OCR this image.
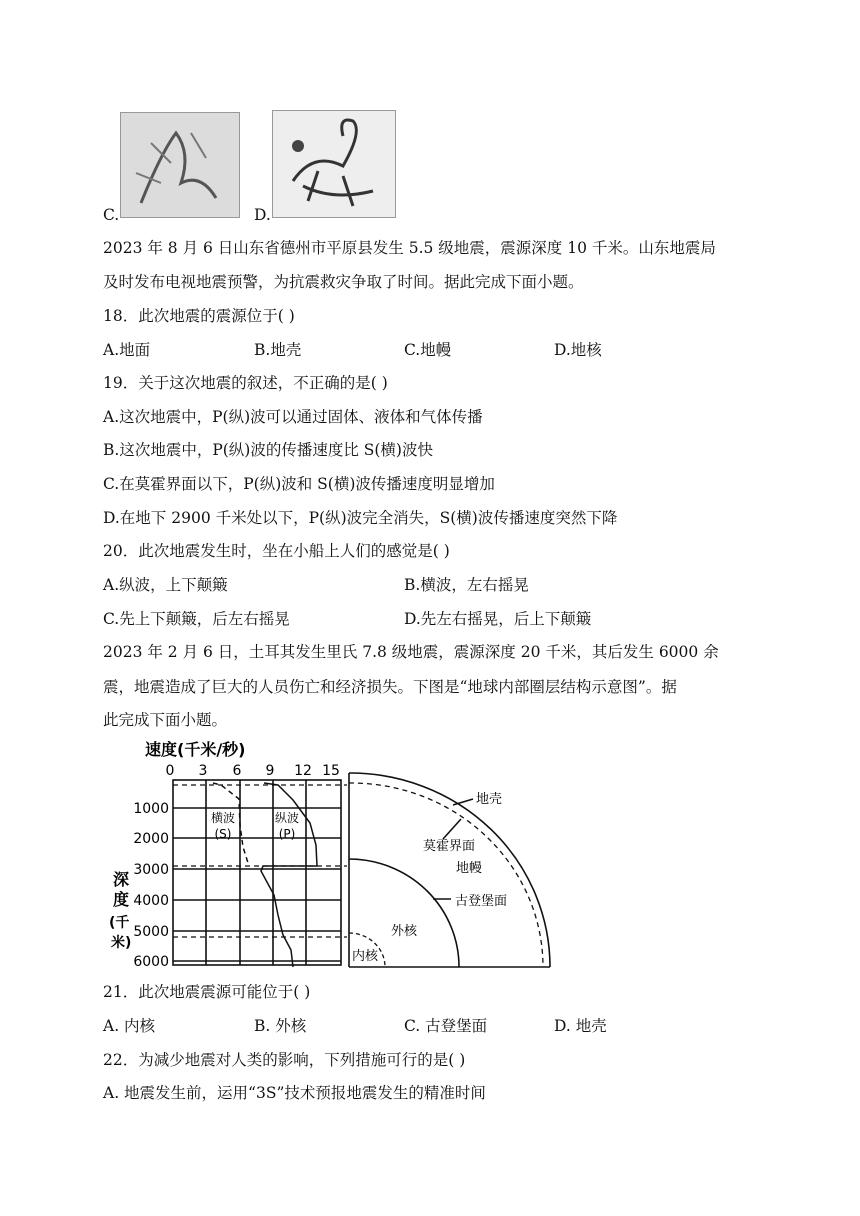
C.	D.
2023 年 8 月 6 日山东省德州市平原县发生 5.5 级地震，震源深度 10 千米。山东地震局
及时发布电视地震预警，为抗震救灾争取了时间。据此完成下面小题。
18．此次地震的震源位于( )
A.地面	B.地壳	C.地幔	D.地核
19．关于这次地震的叙述，不正确的是( )
A.这次地震中，P(纵)波可以通过固体、液体和气体传播
B.这次地震中，P(纵)波的传播速度比 S(横)波快
C.在莫霍界面以下，P(纵)波和 S(横)波传播速度明显增加
D.在地下 2900 千米处以下，P(纵)波完全消失，S(横)波传播速度突然下降
20．此次地震发生时，坐在小船上人们的感觉是( )
A.纵波，上下颠簸	B.横波，左右摇晃
C.先上下颠簸，后左右摇晃	D.先左右摇晃，后上下颠簸
2023 年 2 月 6 日，土耳其发生里氏 7.8 级地震，震源深度 20 千米，其后发生 6000 余
震，地震造成了巨大的人员伤亡和经济损失。下图是“地球内部圈层结构示意图”。据
此完成下面小题。
速度(千米/秒)
0 3 6 9 12 15
1000
2000
3000
4000
5000
6000
深
度
(千
米)
横波
(S)
纵波
(P)
地壳
莫霍界面
地幔
古登堡面
外核
内核
21．此次地震震源可能位于( )
A. 内核	B. 外核	C. 古登堡面	D. 地壳
22．为减少地震对人类的影响，下列措施可行的是( )
A. 地震发生前，运用“3S”技术预报地震发生的精准时间
